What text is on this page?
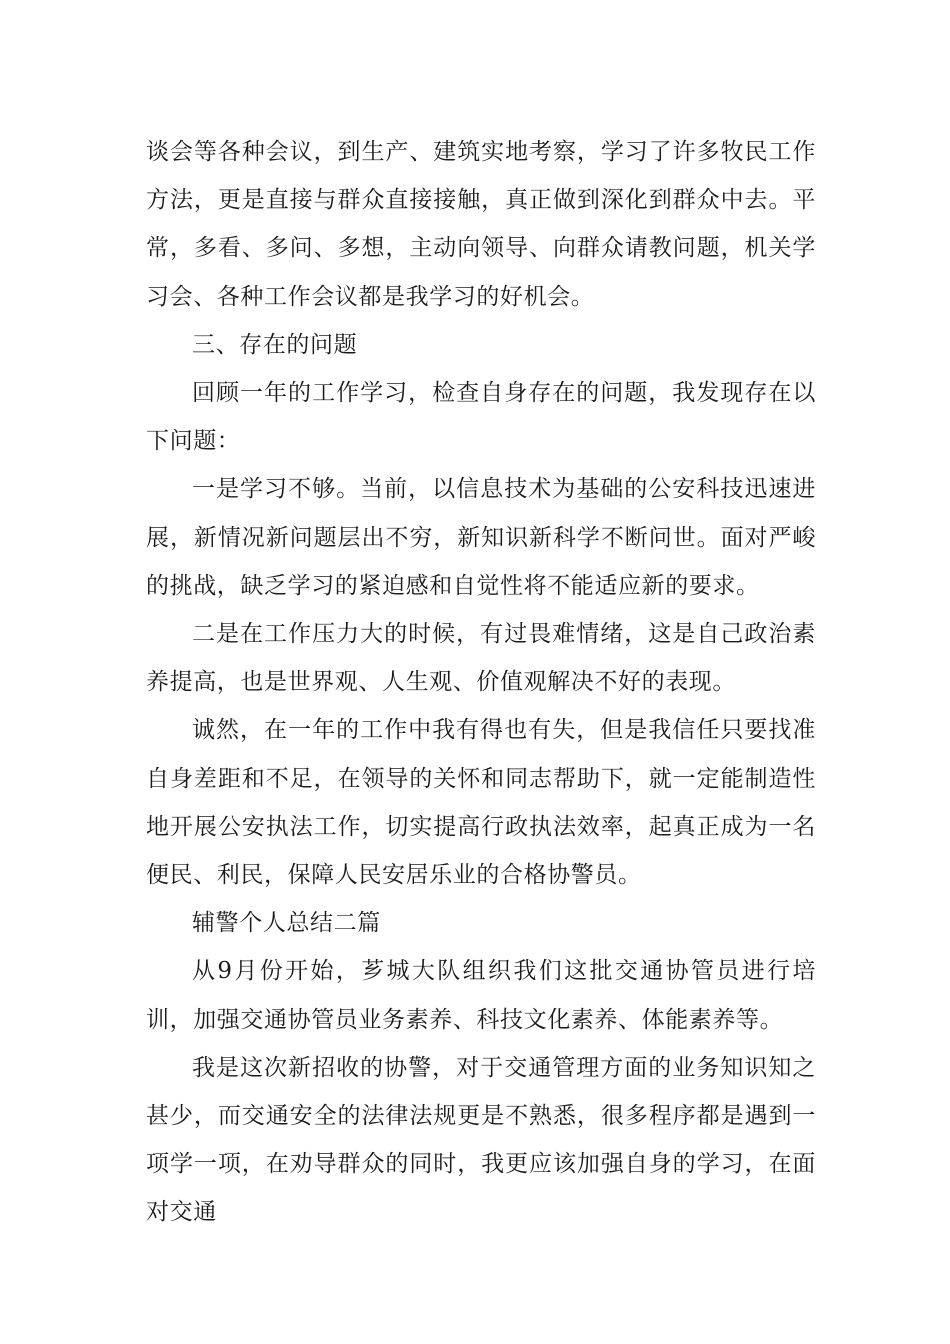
谈会等各种会议，到生产、建筑实地考察，学习了许多牧民工作方法，更是直接与群众直接接触，真正做到深化到群众中去。平常，多看、多问、多想，主动向领导、向群众请教问题，机关学习会、各种工作会议都是我学习的好机会。

三、存在的问题

回顾一年的工作学习，检查自身存在的问题，我发现存在以下问题：

一是学习不够。当前，以信息技术为基础的公安科技迅速进展，新情况新问题层出不穷，新知识新科学不断问世。面对严峻的挑战，缺乏学习的紧迫感和自觉性将不能适应新的要求。

二是在工作压力大的时候，有过畏难情绪，这是自己政治素养提高，也是世界观、人生观、价值观解决不好的表现。

诚然，在一年的工作中我有得也有失，但是我信任只要找准自身差距和不足，在领导的关怀和同志帮助下，就一定能制造性地开展公安执法工作，切实提高行政执法效率，起真正成为一名便民、利民，保障人民安居乐业的合格协警员。

辅警个人总结二篇

从9月份开始，芗城大队组织我们这批交通协管员进行培训，加强交通协管员业务素养、科技文化素养、体能素养等。

我是这次新招收的协警，对于交通管理方面的业务知识知之甚少，而交通安全的法律法规更是不熟悉，很多程序都是遇到一项学一项，在劝导群众的同时，我更应该加强自身的学习，在面对交通
